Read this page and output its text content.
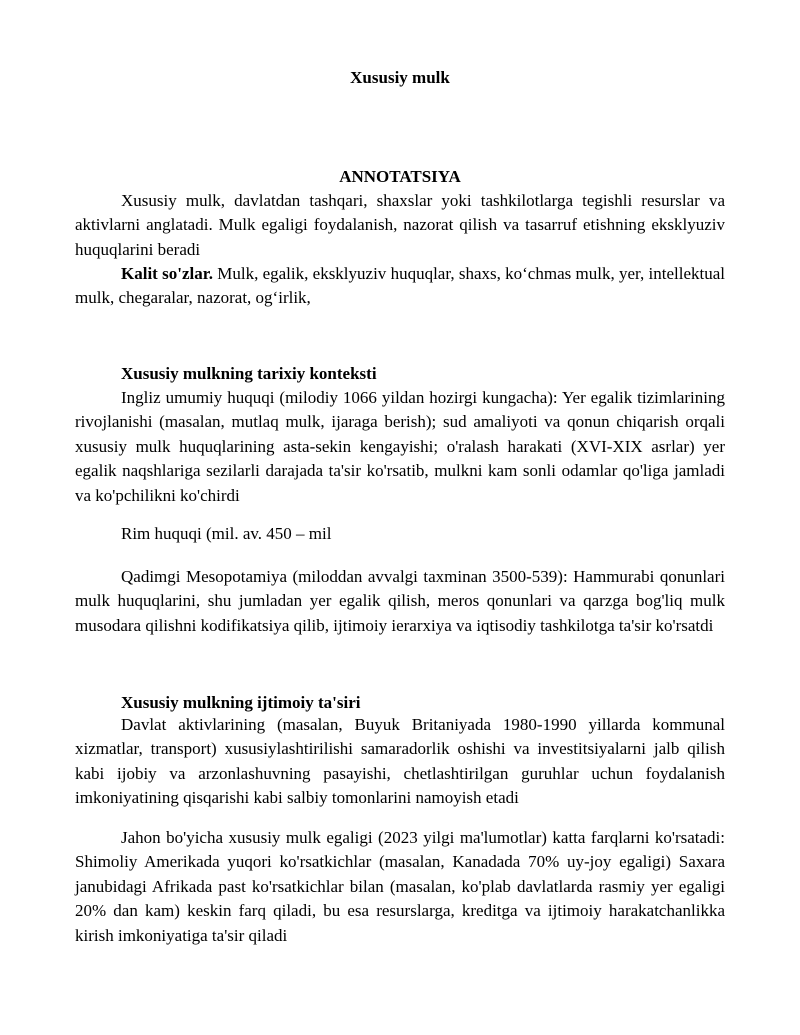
Xususiy mulk
ANNOTATSIYA
Xususiy mulk, davlatdan tashqari, shaxslar yoki tashkilotlarga tegishli resurslar va aktivlarni anglatadi. Mulk egaligi foydalanish, nazorat qilish va tasarruf etishning eksklyuziv huquqlarini beradi
Kalit so'zlar. Mulk, egalik, eksklyuziv huquqlar, shaxs, ko‘chmas mulk, yer, intellektual mulk, chegaralar, nazorat, og‘irlik,
Xususiy mulkning tarixiy konteksti
Ingliz umumiy huquqi (milodiy 1066 yildan hozirgi kungacha): Yer egalik tizimlarining rivojlanishi (masalan, mutlaq mulk, ijaraga berish); sud amaliyoti va qonun chiqarish orqali xususiy mulk huquqlarining asta-sekin kengayishi; o'ralash harakati (XVI-XIX asrlar) yer egalik naqshlariga sezilarli darajada ta'sir ko'rsatib, mulkni kam sonli odamlar qo'liga jamladi va ko'pchilikni ko'chirdi
Rim huquqi (mil. av. 450 – mil
Qadimgi Mesopotamiya (miloddan avvalgi taxminan 3500-539): Hammurabi qonunlari mulk huquqlarini, shu jumladan yer egalik qilish, meros qonunlari va qarzga bog'liq mulk musodara qilishni kodifikatsiya qilib, ijtimoiy ierarxiya va iqtisodiy tashkilotga ta'sir ko'rsatdi
Xususiy mulkning ijtimoiy ta'siri
Davlat aktivlarining (masalan, Buyuk Britaniyada 1980-1990 yillarda kommunal xizmatlar, transport) xususiylashtirilishi samaradorlik oshishi va investitsiyalarni jalb qilish kabi ijobiy va arzonlashuvning pasayishi, chetlashtirilgan guruhlar uchun foydalanish imkoniyatining qisqarishi kabi salbiy tomonlarini namoyish etadi
Jahon bo'yicha xususiy mulk egaligi (2023 yilgi ma'lumotlar) katta farqlarni ko'rsatadi: Shimoliy Amerikada yuqori ko'rsatkichlar (masalan, Kanadada 70% uy-joy egaligi) Saxara janubidagi Afrikada past ko'rsatkichlar bilan (masalan, ko'plab davlatlarda rasmiy yer egaligi 20% dan kam) keskin farq qiladi, bu esa resurslarga, kreditga va ijtimoiy harakatchanlikka kirish imkoniyatiga ta'sir qiladi
